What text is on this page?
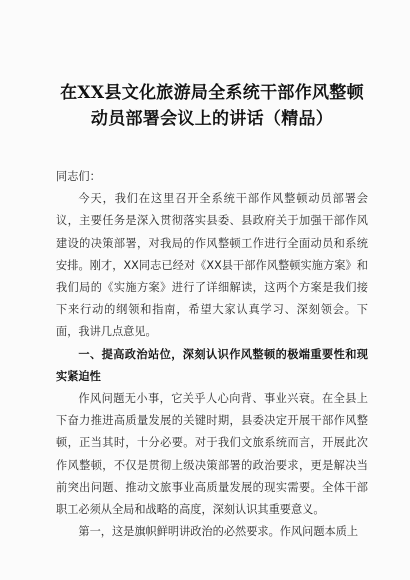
在XX县文化旅游局全系统干部作风整顿
动员部署会议上的讲话（精品）

同志们：

今天，我们在这里召开全系统干部作风整顿动员部署会议，主要任务是深入贯彻落实县委、县政府关于加强干部作风建设的决策部署，对我局的作风整顿工作进行全面动员和系统安排。刚才，XX同志已经对《XX县干部作风整顿实施方案》和我们局的《实施方案》进行了详细解读，这两个方案是我们接下来行动的纲领和指南，希望大家认真学习、深刻领会。下面，我讲几点意见。

一、提高政治站位，深刻认识作风整顿的极端重要性和现实紧迫性

作风问题无小事，它关乎人心向背、事业兴衰。在全县上下奋力推进高质量发展的关键时期，县委决定开展干部作风整顿，正当其时，十分必要。对于我们文旅系统而言，开展此次作风整顿，不仅是贯彻上级决策部署的政治要求，更是解决当前突出问题、推动文旅事业高质量发展的现实需要。全体干部职工必须从全局和战略的高度，深刻认识其重要意义。

第一，这是旗帜鲜明讲政治的必然要求。作风问题本质上
